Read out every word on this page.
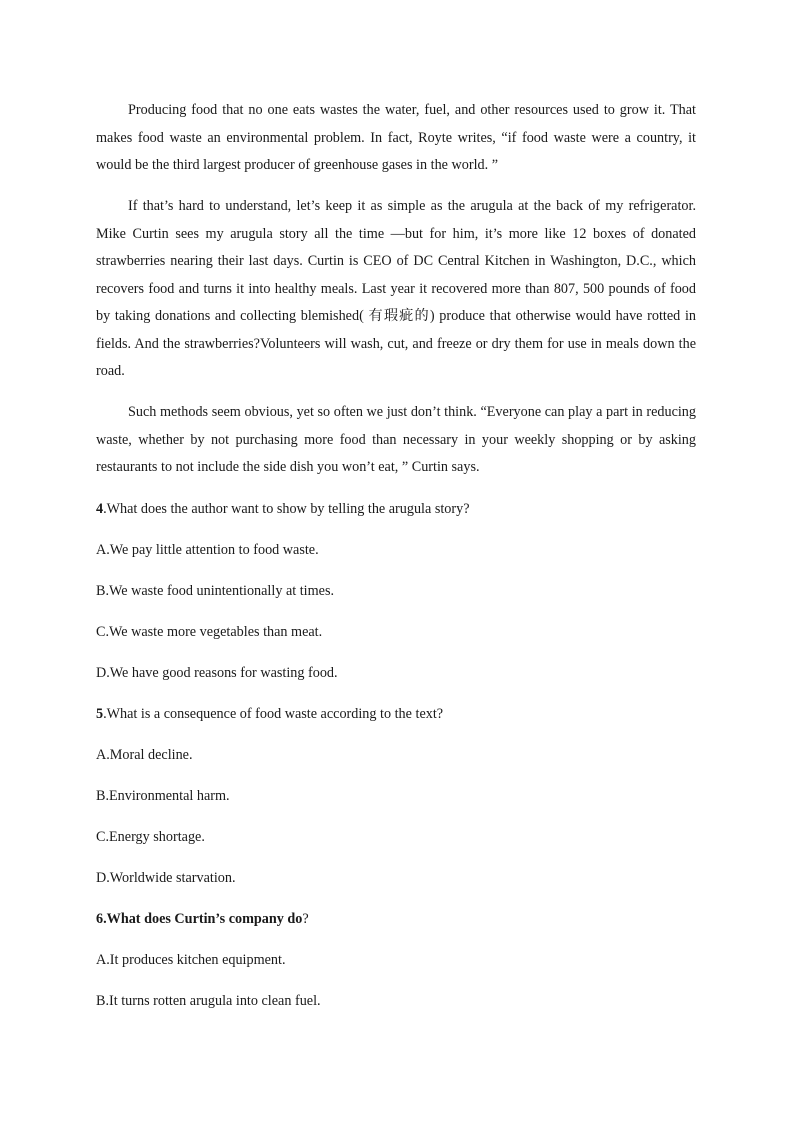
Producing food that no one eats wastes the water, fuel, and other resources used to grow it. That makes food waste an environmental problem. In fact, Royte writes, “if food waste were a country, it would be the third largest producer of greenhouse gases in the world. ”

If that’s hard to understand, let’s keep it as simple as the arugula at the back of my refrigerator. Mike Curtin sees my arugula story all the time —but for him, it’s more like 12 boxes of donated strawberries nearing their last days. Curtin is CEO of DC Central Kitchen in Washington, D.C., which recovers food and turns it into healthy meals. Last year it recovered more than 807, 500 pounds of food by taking donations and collecting blemished( 有瑕疵的) produce that otherwise would have rotted in fields. And the strawberries?Volunteers will wash, cut, and freeze or dry them for use in meals down the road.

Such methods seem obvious, yet so often we just don’t think. “Everyone can play a part in reducing waste, whether by not purchasing more food than necessary in your weekly shopping or by asking restaurants to not include the side dish you won’t eat, ” Curtin says.

4.What does the author want to show by telling the arugula story?
A.We pay little attention to food waste.
B.We waste food unintentionally at times.
C.We waste more vegetables than meat.
D.We have good reasons for wasting food.
5.What is a consequence of food waste according to the text?
A.Moral decline.
B.Environmental harm.
C.Energy shortage.
D.Worldwide starvation.
6.What does Curtin’s company do?
A.It produces kitchen equipment.
B.It turns rotten arugula into clean fuel.
